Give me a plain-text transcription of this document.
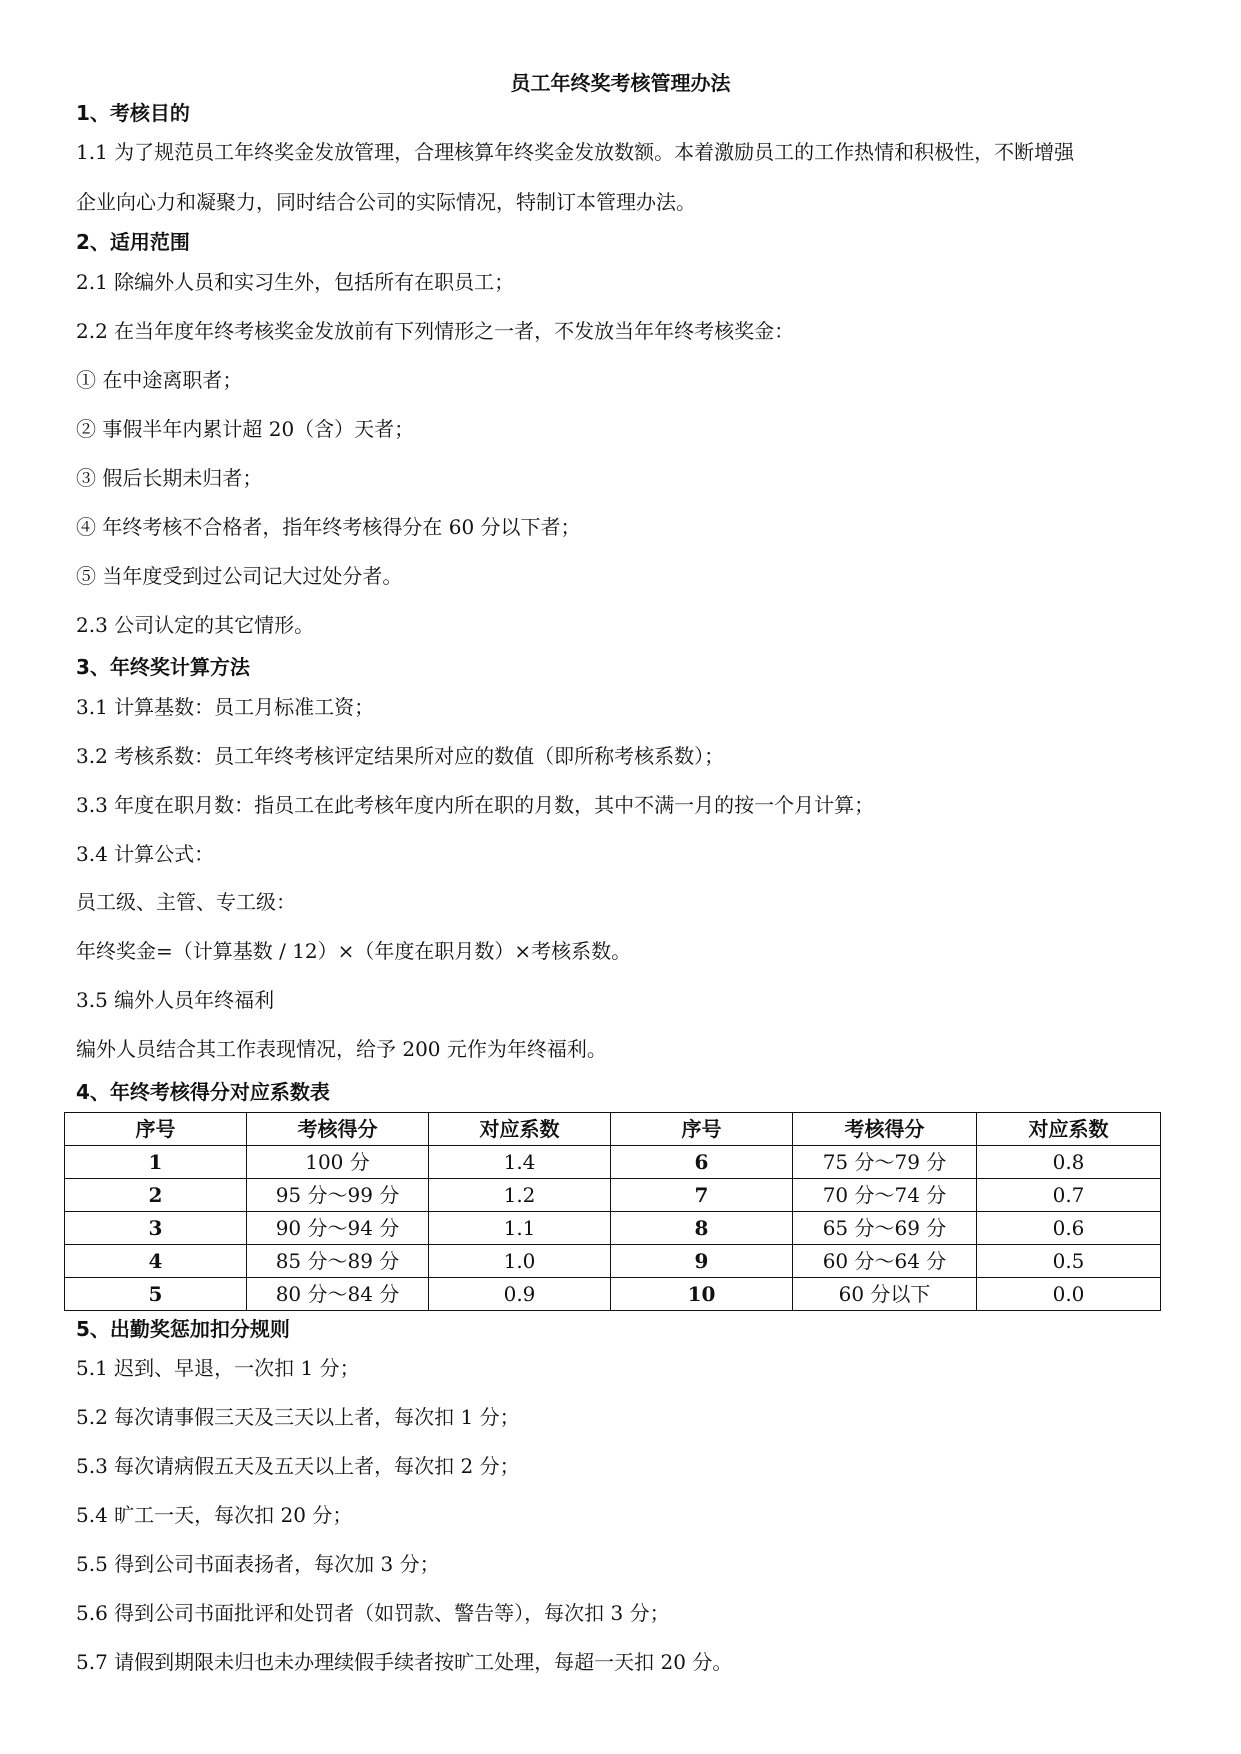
员工年终奖考核管理办法
1、考核目的
1.1 为了规范员工年终奖金发放管理，合理核算年终奖金发放数额。本着激励员工的工作热情和积极性，不断增强
企业向心力和凝聚力，同时结合公司的实际情况，特制订本管理办法。
2、适用范围
2.1 除编外人员和实习生外，包括所有在职员工；
2.2 在当年度年终考核奖金发放前有下列情形之一者，不发放当年年终考核奖金：
① 在中途离职者；
② 事假半年内累计超 20（含）天者；
③ 假后长期未归者；
④ 年终考核不合格者，指年终考核得分在 60 分以下者；
⑤ 当年度受到过公司记大过处分者。
2.3 公司认定的其它情形。
3、年终奖计算方法
3.1 计算基数：员工月标准工资；
3.2 考核系数：员工年终考核评定结果所对应的数值（即所称考核系数）；
3.3 年度在职月数：指员工在此考核年度内所在职的月数，其中不满一月的按一个月计算；
3.4 计算公式：
员工级、主管、专工级：
年终奖金=（计算基数 / 12）×（年度在职月数）×考核系数。
3.5 编外人员年终福利
编外人员结合其工作表现情况，给予 200 元作为年终福利。
4、年终考核得分对应系数表
序号	考核得分	对应系数	序号	考核得分	对应系数
1	100 分	1.4	6	75 分～79 分	0.8
2	95 分～99 分	1.2	7	70 分～74 分	0.7
3	90 分～94 分	1.1	8	65 分～69 分	0.6
4	85 分～89 分	1.0	9	60 分～64 分	0.5
5	80 分～84 分	0.9	10	60 分以下	0.0
5、出勤奖惩加扣分规则
5.1 迟到、早退，一次扣 1 分；
5.2 每次请事假三天及三天以上者，每次扣 1 分；
5.3 每次请病假五天及五天以上者，每次扣 2 分；
5.4 旷工一天，每次扣 20 分；
5.5 得到公司书面表扬者，每次加 3 分；
5.6 得到公司书面批评和处罚者（如罚款、警告等），每次扣 3 分；
5.7 请假到期限未归也未办理续假手续者按旷工处理，每超一天扣 20 分。
